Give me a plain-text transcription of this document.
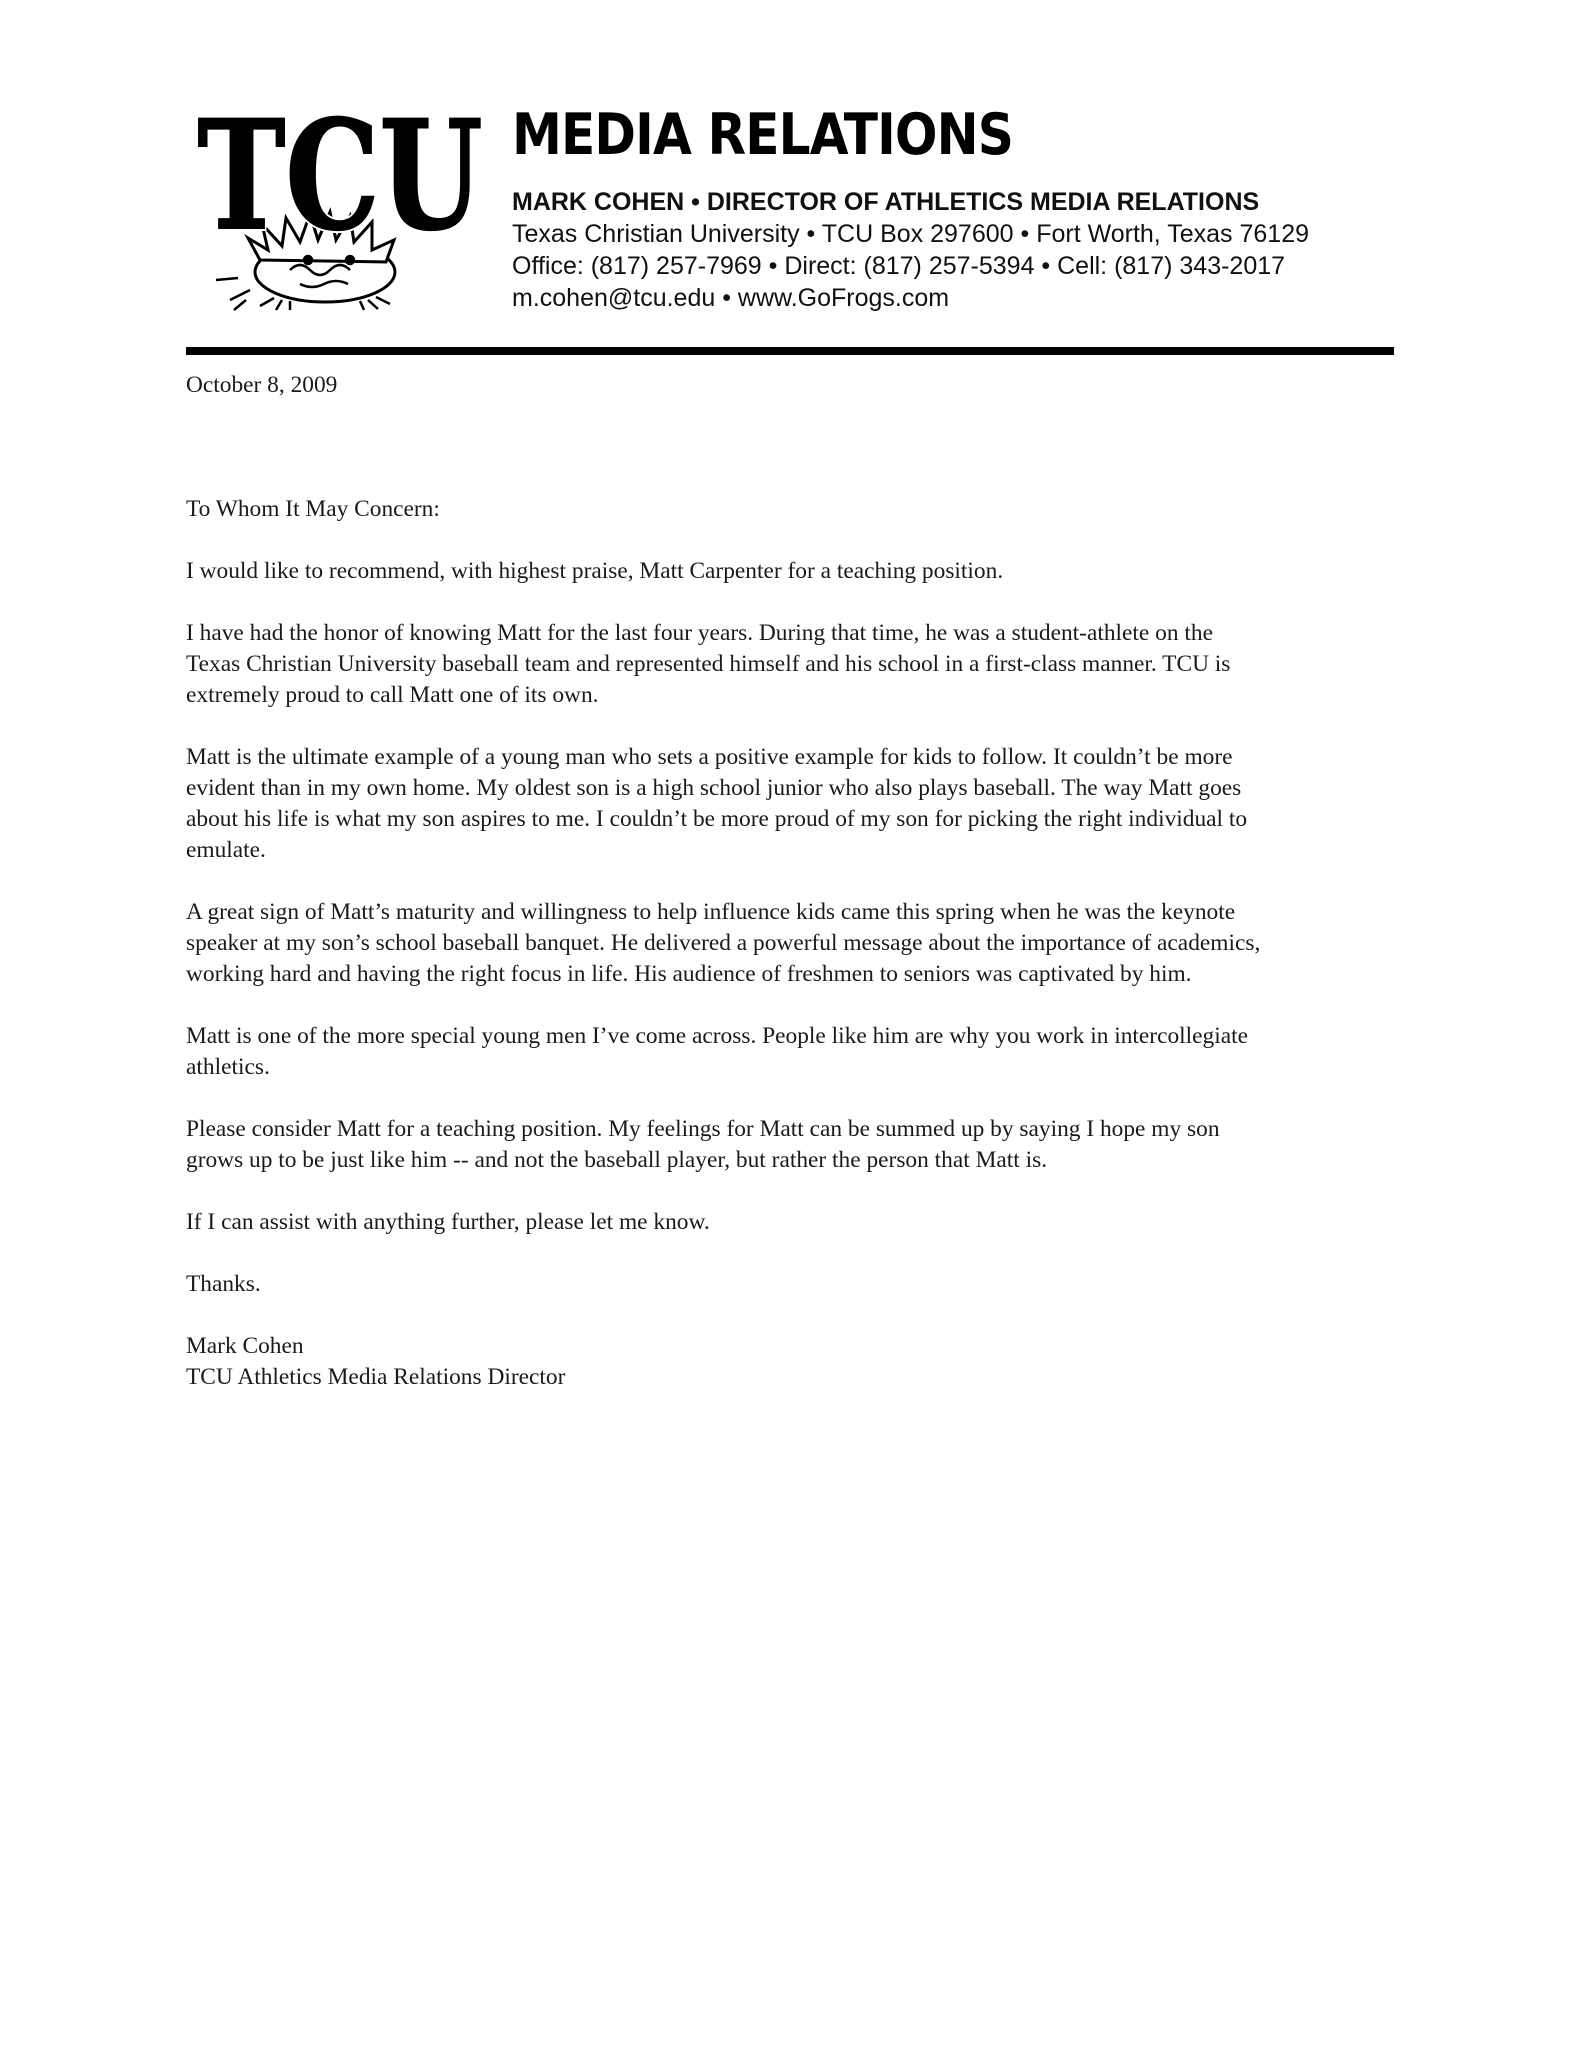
TCU
TCU MEDIA RELATIONS
MARK COHEN • DIRECTOR OF ATHLETICS MEDIA RELATIONS
Texas Christian University • TCU Box 297600 • Fort Worth, Texas 76129
Office: (817) 257-7969 • Direct: (817) 257-5394 • Cell: (817) 343-2017
m.cohen@tcu.edu • www.GoFrogs.com

October 8, 2009

To Whom It May Concern:

I would like to recommend, with highest praise, Matt Carpenter for a teaching position.

I have had the honor of knowing Matt for the last four years. During that time, he was a student-athlete on the
Texas Christian University baseball team and represented himself and his school in a first-class manner. TCU is
extremely proud to call Matt one of its own.

Matt is the ultimate example of a young man who sets a positive example for kids to follow. It couldn’t be more
evident than in my own home. My oldest son is a high school junior who also plays baseball. The way Matt goes
about his life is what my son aspires to me. I couldn’t be more proud of my son for picking the right individual to
emulate.

A great sign of Matt’s maturity and willingness to help influence kids came this spring when he was the keynote
speaker at my son’s school baseball banquet. He delivered a powerful message about the importance of academics,
working hard and having the right focus in life. His audience of freshmen to seniors was captivated by him.

Matt is one of the more special young men I’ve come across. People like him are why you work in intercollegiate
athletics.

Please consider Matt for a teaching position. My feelings for Matt can be summed up by saying I hope my son
grows up to be just like him -- and not the baseball player, but rather the person that Matt is.

If I can assist with anything further, please let me know.

Thanks.

Mark Cohen

TCU Athletics Media Relations Director
